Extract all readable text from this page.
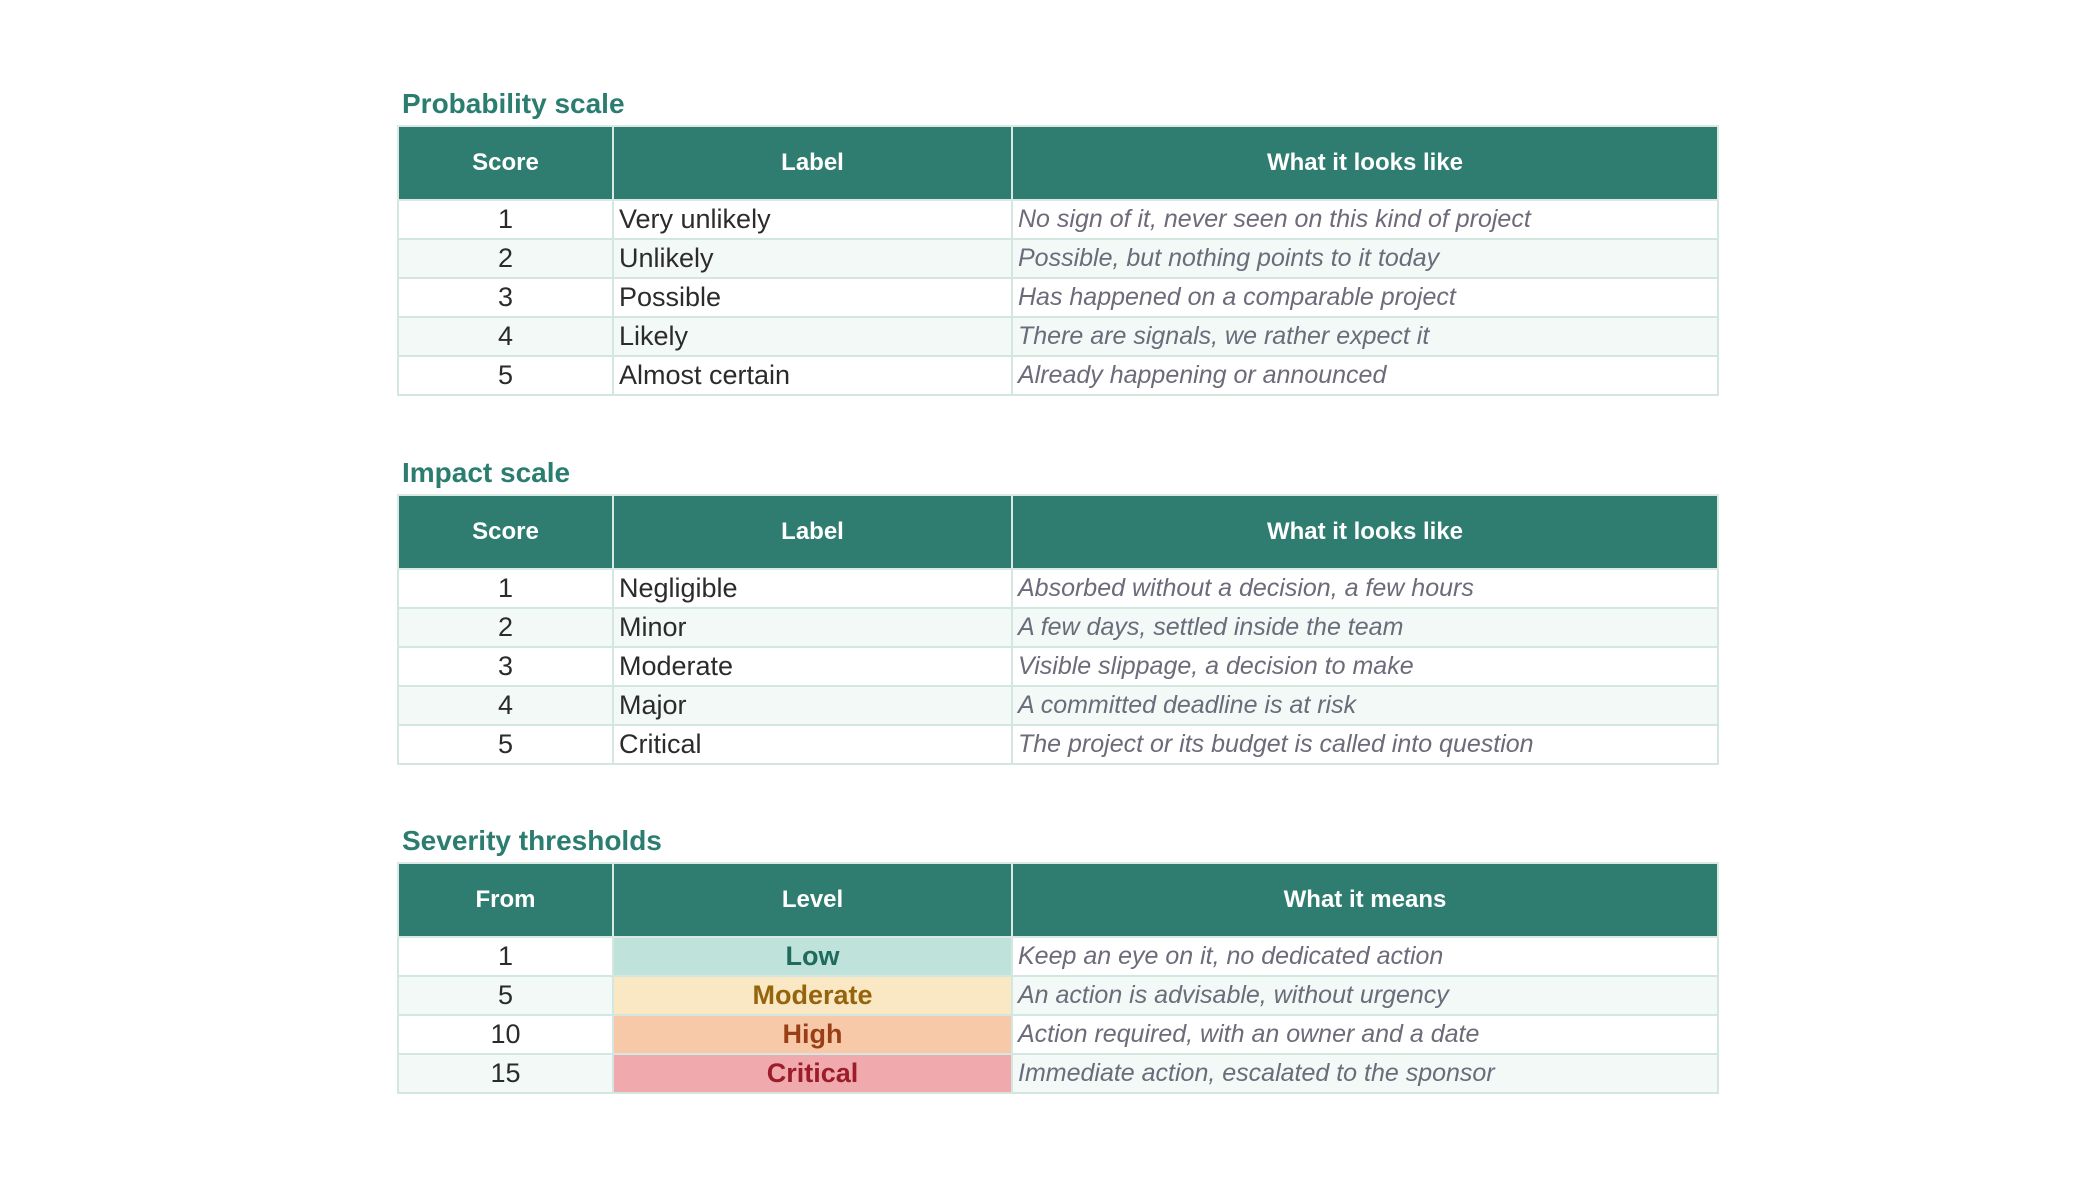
Probability scale
Score	Label	What it looks like
1	Very unlikely	No sign of it, never seen on this kind of project
2	Unlikely	Possible, but nothing points to it today
3	Possible	Has happened on a comparable project
4	Likely	There are signals, we rather expect it
5	Almost certain	Already happening or announced
Impact scale
Score	Label	What it looks like
1	Negligible	Absorbed without a decision, a few hours
2	Minor	A few days, settled inside the team
3	Moderate	Visible slippage, a decision to make
4	Major	A committed deadline is at risk
5	Critical	The project or its budget is called into question
Severity thresholds
From	Level	What it means
1	Low	Keep an eye on it, no dedicated action
5	Moderate	An action is advisable, without urgency
10	High	Action required, with an owner and a date
15	Critical	Immediate action, escalated to the sponsor
